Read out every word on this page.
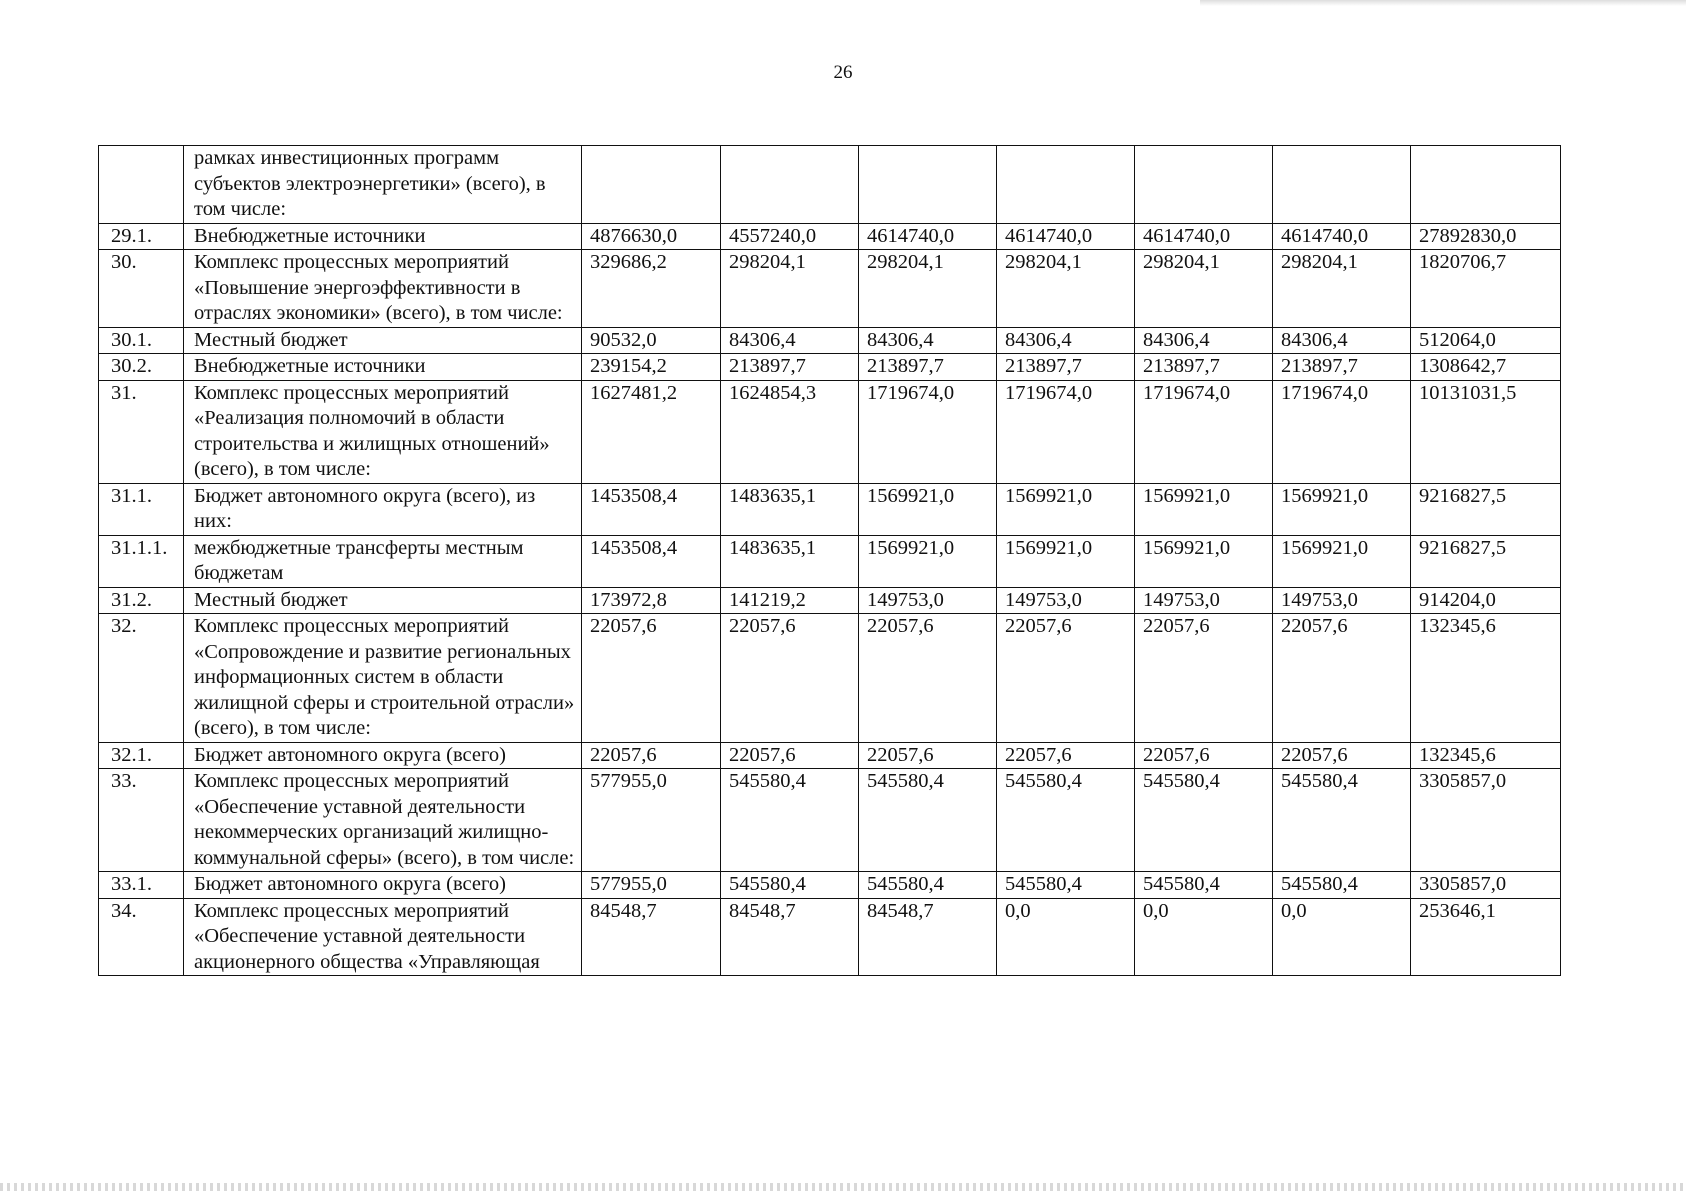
26
	рамках инвестиционных программ субъектов электроэнергетики» (всего), в том числе:							
29.1.	Внебюджетные источники	4876630,0	4557240,0	4614740,0	4614740,0	4614740,0	4614740,0	27892830,0
30.	Комплекс процессных мероприятий «Повышение энергоэффективности в отраслях экономики» (всего), в том числе:	329686,2	298204,1	298204,1	298204,1	298204,1	298204,1	1820706,7
30.1.	Местный бюджет	90532,0	84306,4	84306,4	84306,4	84306,4	84306,4	512064,0
30.2.	Внебюджетные источники	239154,2	213897,7	213897,7	213897,7	213897,7	213897,7	1308642,7
31.	Комплекс процессных мероприятий «Реализация полномочий в области строительства и жилищных отношений» (всего), в том числе:	1627481,2	1624854,3	1719674,0	1719674,0	1719674,0	1719674,0	10131031,5
31.1.	Бюджет автономного округа (всего), из них:	1453508,4	1483635,1	1569921,0	1569921,0	1569921,0	1569921,0	9216827,5
31.1.1.	межбюджетные трансферты местным бюджетам	1453508,4	1483635,1	1569921,0	1569921,0	1569921,0	1569921,0	9216827,5
31.2.	Местный бюджет	173972,8	141219,2	149753,0	149753,0	149753,0	149753,0	914204,0
32.	Комплекс процессных мероприятий «Сопровождение и развитие региональных информационных систем в области жилищной сферы и строительной отрасли» (всего), в том числе:	22057,6	22057,6	22057,6	22057,6	22057,6	22057,6	132345,6
32.1.	Бюджет автономного округа (всего)	22057,6	22057,6	22057,6	22057,6	22057,6	22057,6	132345,6
33.	Комплекс процессных мероприятий «Обеспечение уставной деятельности некоммерческих организаций жилищно-коммунальной сферы» (всего), в том числе:	577955,0	545580,4	545580,4	545580,4	545580,4	545580,4	3305857,0
33.1.	Бюджет автономного округа (всего)	577955,0	545580,4	545580,4	545580,4	545580,4	545580,4	3305857,0
34.	Комплекс процессных мероприятий «Обеспечение уставной деятельности акционерного общества «Управляющая	84548,7	84548,7	84548,7	0,0	0,0	0,0	253646,1
